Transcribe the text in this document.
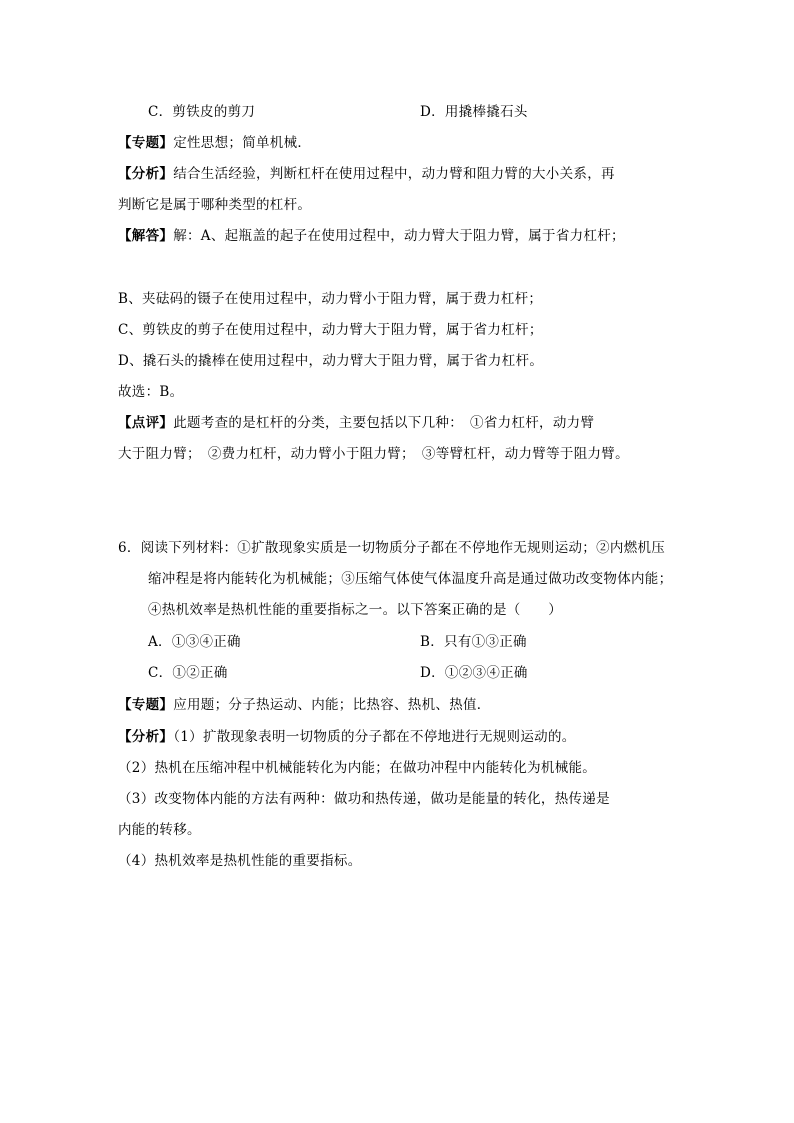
C．剪铁皮的剪刀	D．用撬棒撬石头
【专题】定性思想；简单机械．
【分析】结合生活经验，判断杠杆在使用过程中，动力臂和阻力臂的大小关系，再
判断它是属于哪种类型的杠杆。
【解答】解：A、起瓶盖的起子在使用过程中，动力臂大于阻力臂，属于省力杠杆；
B、夹砝码的镊子在使用过程中，动力臂小于阻力臂，属于费力杠杆；
C、剪铁皮的剪子在使用过程中，动力臂大于阻力臂，属于省力杠杆；
D、撬石头的撬棒在使用过程中，动力臂大于阻力臂，属于省力杠杆。
故选：B。
【点评】此题考查的是杠杆的分类，主要包括以下几种：　①省力杠杆，动力臂
大于阻力臂；　②费力杠杆，动力臂小于阻力臂；　③等臂杠杆，动力臂等于阻力臂。
6．阅读下列材料：①扩散现象实质是一切物质分子都在不停地作无规则运动；②内燃机压
缩冲程是将内能转化为机械能；③压缩气体使气体温度升高是通过做功改变物体内能；
④热机效率是热机性能的重要指标之一。以下答案正确的是（　　）
A．①③④正确	B．只有①③正确
C．①②正确	D．①②③④正确
【专题】应用题；分子热运动、内能；比热容、热机、热值．
【分析】（1）扩散现象表明一切物质的分子都在不停地进行无规则运动的。
（2）热机在压缩冲程中机械能转化为内能；在做功冲程中内能转化为机械能。
（3）改变物体内能的方法有两种：做功和热传递，做功是能量的转化，热传递是
内能的转移。
（4）热机效率是热机性能的重要指标。
